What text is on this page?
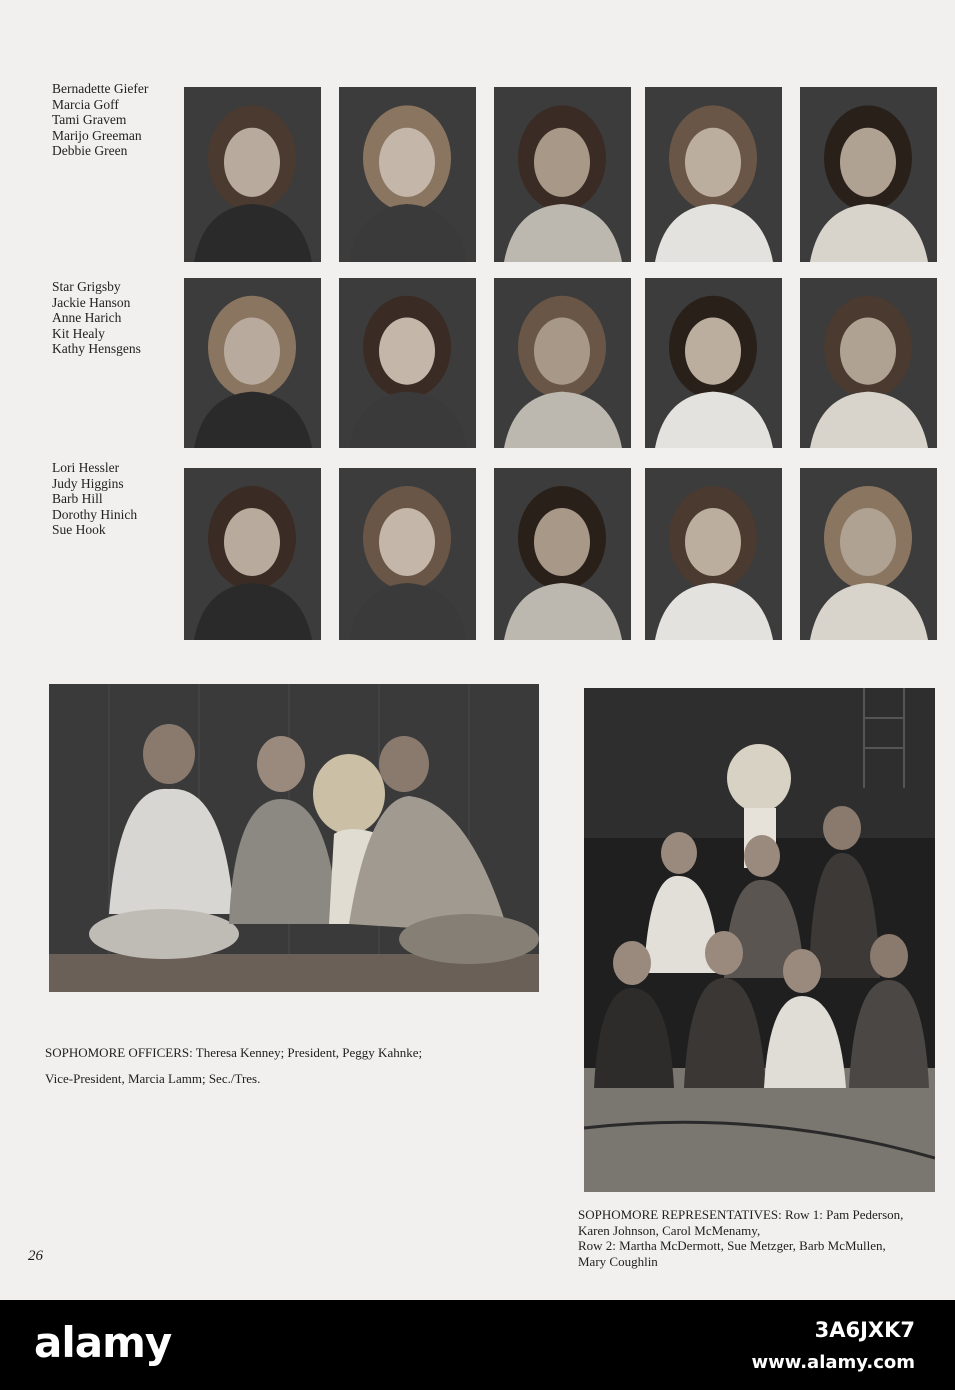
Bernadette Giefer
Marcia Goff
Tami Gravem
Marijo Greeman
Debbie Green
Star Grigsby
Jackie Hanson
Anne Harich
Kit Healy
Kathy Hensgens
Lori Hessler
Judy Higgins
Barb Hill
Dorothy Hinich
Sue Hook
SOPHOMORE OFFICERS: Theresa Kenney; President, Peggy Kahnke;
Vice-President, Marcia Lamm; Sec./Tres.
SOPHOMORE REPRESENTATIVES: Row 1: Pam Pederson,
Karen Johnson, Carol McMenamy,
Row 2: Martha McDermott, Sue Metzger, Barb McMullen,
Mary Coughlin
26
alamy	3A6JXK7
www.alamy.com
